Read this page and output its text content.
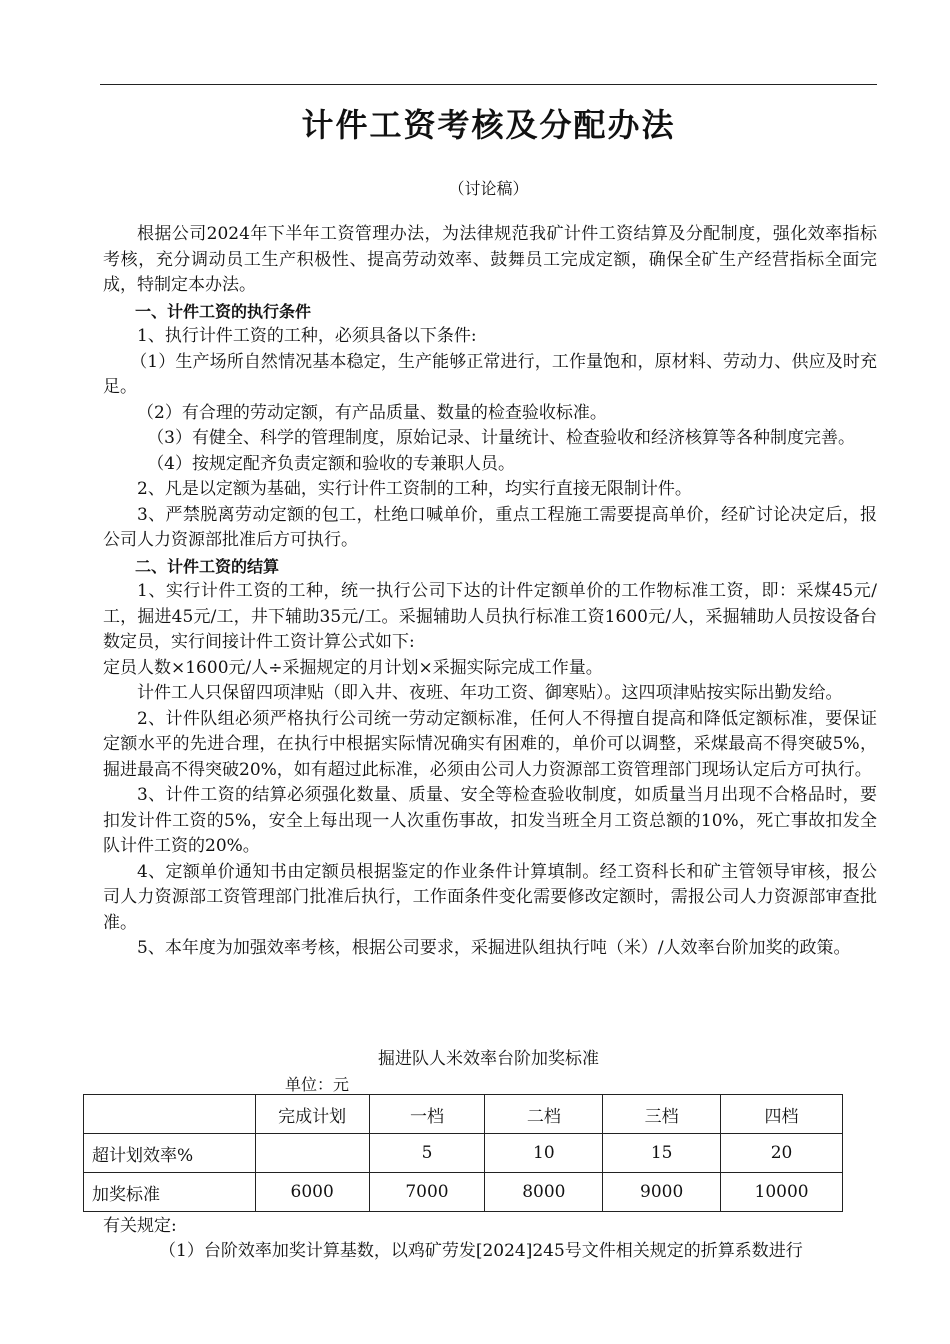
计件工资考核及分配办法
（讨论稿）

根据公司2024年下半年工资管理办法，为法律规范我矿计件工资结算及分配制度，强化效率指标考核，充分调动员工生产积极性、提高劳动效率、鼓舞员工完成定额，确保全矿生产经营指标全面完成，特制定本办法。

一、计件工资的执行条件

1、执行计件工资的工种，必须具备以下条件:

（1）生产场所自然情况基本稳定，生产能够正常进行，工作量饱和，原材料、劳动力、供应及时充足。

（2）有合理的劳动定额，有产品质量、数量的检查验收标准。

（3）有健全、科学的管理制度，原始记录、计量统计、检查验收和经济核算等各种制度完善。

（4）按规定配齐负责定额和验收的专兼职人员。

2、凡是以定额为基础，实行计件工资制的工种，均实行直接无限制计件。

3、严禁脱离劳动定额的包工，杜绝口喊单价，重点工程施工需要提高单价，经矿讨论决定后，报公司人力资源部批准后方可执行。

二、计件工资的结算

1、实行计件工资的工种，统一执行公司下达的计件定额单价的工作物标准工资，即：采煤45元/工，掘进45元/工，井下辅助35元/工。采掘辅助人员执行标准工资1600元/人，采掘辅助人员按设备台数定员，实行间接计件工资计算公式如下:

定员人数×1600元/人÷采掘规定的月计划×采掘实际完成工作量。

计件工人只保留四项津贴（即入井、夜班、年功工资、御寒贴）。这四项津贴按实际出勤发给。

2、计件队组必须严格执行公司统一劳动定额标准，任何人不得擅自提高和降低定额标准，要保证定额水平的先进合理，在执行中根据实际情况确实有困难的，单价可以调整，采煤最高不得突破5%，掘进最高不得突破20%，如有超过此标准，必须由公司人力资源部工资管理部门现场认定后方可执行。

3、计件工资的结算必须强化数量、质量、安全等检查验收制度，如质量当月出现不合格品时，要扣发计件工资的5%，安全上每出现一人次重伤事故，扣发当班全月工资总额的10%，死亡事故扣发全队计件工资的20%。

4、定额单价通知书由定额员根据鉴定的作业条件计算填制。经工资科长和矿主管领导审核，报公司人力资源部工资管理部门批准后执行，工作面条件变化需要修改定额时，需报公司人力资源部审查批准。

5、本年度为加强效率考核，根据公司要求，采掘进队组执行吨（米）/人效率台阶加奖的政策。

掘进队人米效率台阶加奖标准
单位：元
	完成计划	一档	二档	三档	四档
超计划效率%		5	10	15	20
加奖标准	6000	7000	8000	9000	10000
有关规定:
（1）台阶效率加奖计算基数，以鸡矿劳发[2024]245号文件相关规定的折算系数进行
